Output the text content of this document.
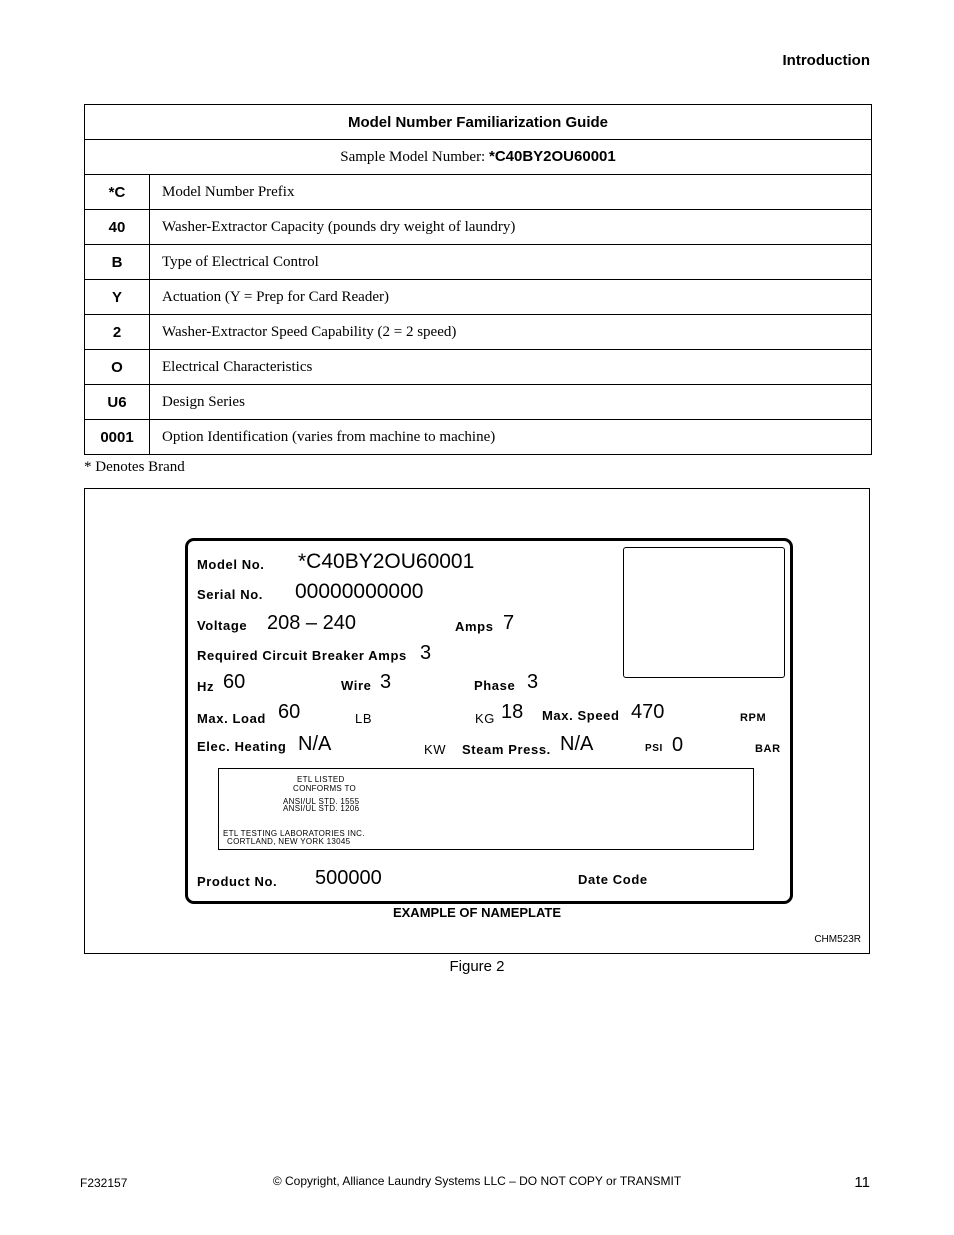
Introduction
Model Number Familiarization Guide	
Sample Model Number: *C40BY2OU60001	
*C	Model Number Prefix
40	Washer-Extractor Capacity (pounds dry weight of laundry)
B	Type of Electrical Control
Y	Actuation (Y = Prep for Card Reader)
2	Washer-Extractor Speed Capability (2 = 2 speed)
O	Electrical Characteristics
U6	Design Series
0001	Option Identification (varies from machine to machine)
* Denotes Brand
Model No. *C40BY2OU60001
Serial No. 00000000000
Voltage 208 – 240	Amps 7
Required Circuit Breaker Amps 3
Hz 60	Wire 3	Phase 3
Max. Load 60	LB	KG 18 Max. Speed 470	RPM
Elec. Heating N/A	KW Steam Press. N/A	PSI 0	BAR
ETL LISTED
CONFORMS TO
ANSI/UL STD. 1555
ANSI/UL STD. 1206
ETL TESTING LABORATORIES INC.
CORTLAND, NEW YORK 13045
Product No. 500000	Date Code
EXAMPLE OF NAMEPLATE
CHM523R
Figure 2
F232157	© Copyright, Alliance Laundry Systems LLC – DO NOT COPY or TRANSMIT	11
